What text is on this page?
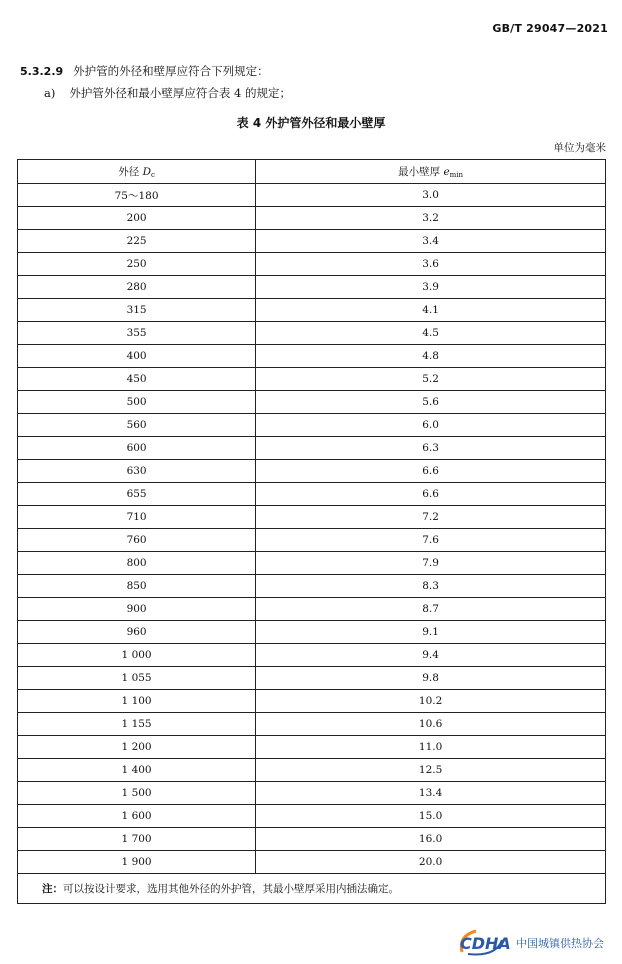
GB/T 29047—2021
5.3.2.9 外护管的外径和壁厚应符合下列规定：
a) 外护管外径和最小壁厚应符合表 4 的规定；
表 4 外护管外径和最小壁厚
单位为毫米
外径 $D_c$	最小壁厚 $e_{min}$
75～180	3.0
200	3.2
225	3.4
250	3.6
280	3.9
315	4.1
355	4.5
400	4.8
450	5.2
500	5.6
560	6.0
600	6.3
630	6.6
655	6.6
710	7.2
760	7.6
800	7.9
850	8.3
900	8.7
960	9.1
1 000	9.4
1 055	9.8
1 100	10.2
1 155	10.6
1 200	11.0
1 400	12.5
1 500	13.4
1 600	15.0
1 700	16.0
1 900	20.0
注：可以按设计要求，选用其他外径的外护管，其最小壁厚采用内插法确定。	
CDHA 中国城镇供热协会
